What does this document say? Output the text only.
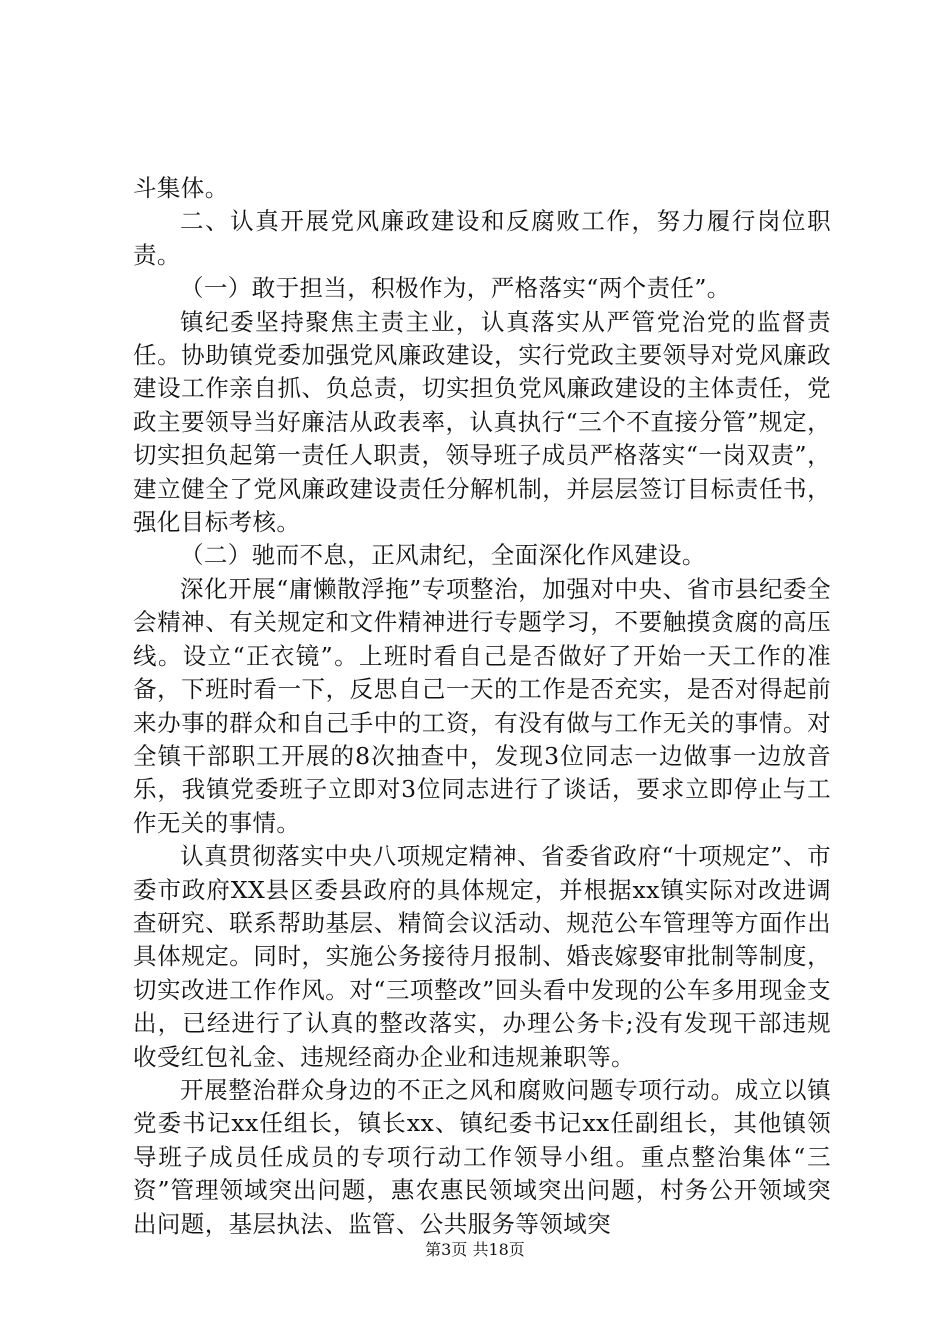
斗集体。

二、认真开展党风廉政建设和反腐败工作，努力履行岗位职责。

（一）敢于担当，积极作为，严格落实“两个责任”。

镇纪委坚持聚焦主责主业，认真落实从严管党治党的监督责任。协助镇党委加强党风廉政建设，实行党政主要领导对党风廉政建设工作亲自抓、负总责，切实担负党风廉政建设的主体责任，党政主要领导当好廉洁从政表率，认真执行“三个不直接分管”规定，切实担负起第一责任人职责，领导班子成员严格落实“一岗双责”，建立健全了党风廉政建设责任分解机制，并层层签订目标责任书，强化目标考核。

（二）驰而不息，正风肃纪，全面深化作风建设。

深化开展“庸懒散浮拖”专项整治，加强对中央、省市县纪委全会精神、有关规定和文件精神进行专题学习，不要触摸贪腐的高压线。设立“正衣镜”。上班时看自己是否做好了开始一天工作的准备，下班时看一下，反思自己一天的工作是否充实，是否对得起前来办事的群众和自己手中的工资，有没有做与工作无关的事情。对全镇干部职工开展的8次抽查中，发现3位同志一边做事一边放音乐，我镇党委班子立即对3位同志进行了谈话，要求立即停止与工作无关的事情。

认真贯彻落实中央八项规定精神、省委省政府“十项规定”、市委市政府XX县区委县政府的具体规定，并根据xx镇实际对改进调查研究、联系帮助基层、精简会议活动、规范公车管理等方面作出具体规定。同时，实施公务接待月报制、婚丧嫁娶审批制等制度，切实改进工作作风。对“三项整改”回头看中发现的公车多用现金支出，已经进行了认真的整改落实，办理公务卡;没有发现干部违规收受红包礼金、违规经商办企业和违规兼职等。

开展整治群众身边的不正之风和腐败问题专项行动。成立以镇党委书记xx任组长，镇长xx、镇纪委书记xx任副组长，其他镇领导班子成员任成员的专项行动工作领导小组。重点整治集体“三资”管理领域突出问题，惠农惠民领域突出问题，村务公开领域突出问题，基层执法、监管、公共服务等领域突

第3页 共18页
